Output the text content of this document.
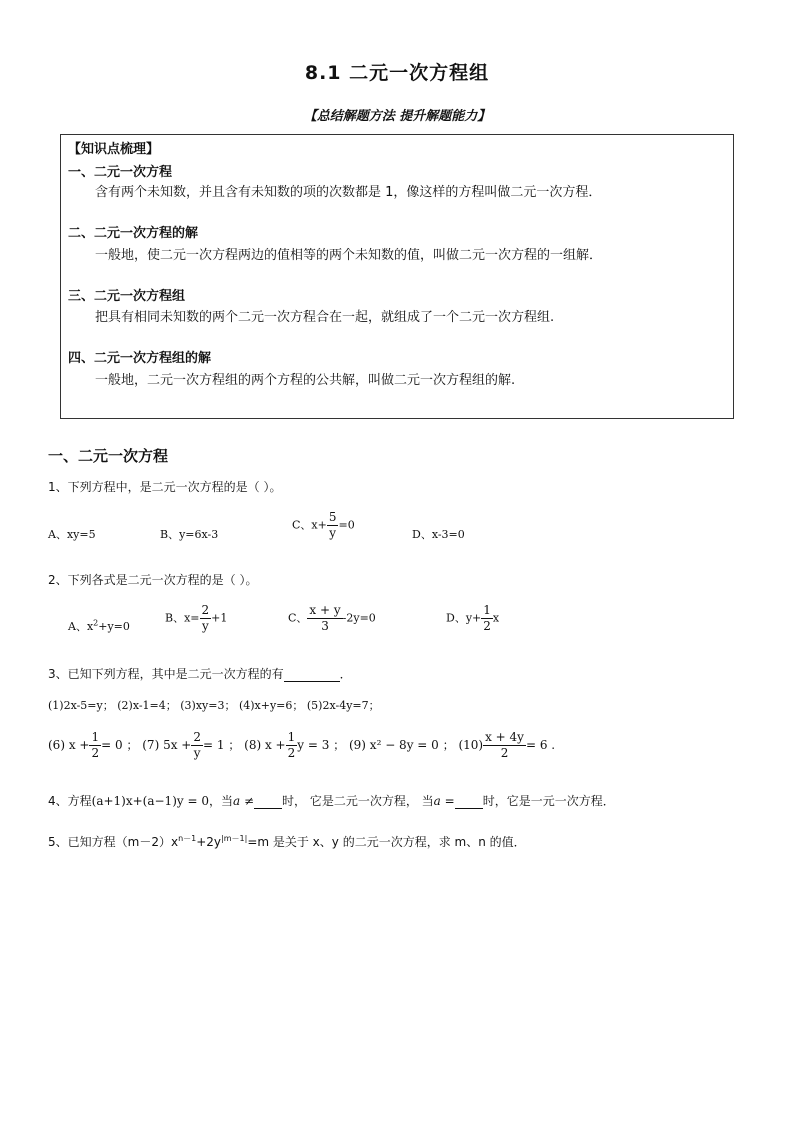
8.1 二元一次方程组
【总结解题方法 提升解题能力】
【知识点梳理】
一、二元一次方程
含有两个未知数，并且含有未知数的项的次数都是 1，像这样的方程叫做二元一次方程．
二、二元一次方程的解
一般地，使二元一次方程两边的值相等的两个未知数的值，叫做二元一次方程的一组解．
三、二元一次方程组
把具有相同未知数的两个二元一次方程合在一起，就组成了一个二元一次方程组.
四、二元一次方程组的解
一般地，二元一次方程组的两个方程的公共解，叫做二元一次方程组的解.
一、二元一次方程
1、下列方程中，是二元一次方程的是（ ）。
A、xy=5	B、y=6x-3
C、$x+ \frac{5}{y} =0$
D、x-3=0
2、下列各式是二元一次方程的是（ ）。
A、$x^2+y=0$
B、$x= \frac{2}{y} +1$	C、 $\frac{x + y}{3} -2y=0$	D、$y+ \frac{1}{2}$ x
3、已知下列方程，其中是二元一次方程的有	．
(1)2x-5=y； (2)x-1=4； (3)xy=3； (4)x+y=6； (5)2x-4y=7；
(6) $x + \frac{1}{2} = 0$ ； (7) $5x + \frac{2}{y} = 1$ ； (8) $x + \frac{1}{2}$ y = 3 ； (9) x² − 8y = 0 ； $(10) \frac{x + 4y}{2} = 6$ .
4、方程(a+1)x+(a−1)y = 0，当a ≠ 时， 它是二元一次方程， 当a = 时，它是一元一次方程．
5、已知方程$(m-2)x^{n-1}+2y^{|m-1|}=m$ 是关于 x、y 的二元一次方程，求 m、n 的值．
